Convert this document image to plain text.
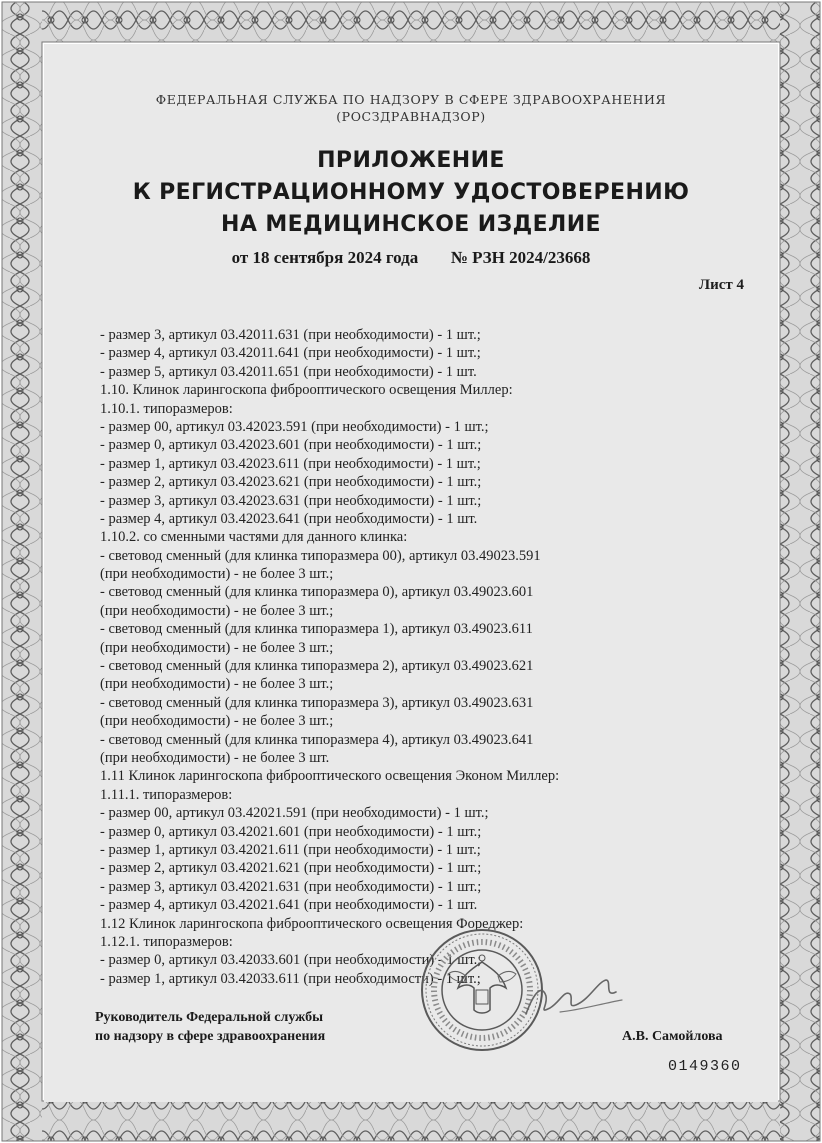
ФЕДЕРАЛЬНАЯ СЛУЖБА ПО НАДЗОРУ В СФЕРЕ ЗДРАВООХРАНЕНИЯ
(РОСЗДРАВНАДЗОР)
ПРИЛОЖЕНИЕ
К РЕГИСТРАЦИОННОМУ УДОСТОВЕРЕНИЮ
НА МЕДИЦИНСКОЕ ИЗДЕЛИЕ
от 18 сентября 2024 года № РЗН 2024/23668
Лист 4
- размер 3, артикул 03.42011.631 (при необходимости) - 1 шт.;
- размер 4, артикул 03.42011.641 (при необходимости) - 1 шт.;
- размер 5, артикул 03.42011.651 (при необходимости) - 1 шт.
1.10. Клинок ларингоскопа фиброоптического освещения Миллер:
1.10.1. типоразмеров:
- размер 00, артикул 03.42023.591 (при необходимости) - 1 шт.;
- размер 0, артикул 03.42023.601 (при необходимости) - 1 шт.;
- размер 1, артикул 03.42023.611 (при необходимости) - 1 шт.;
- размер 2, артикул 03.42023.621 (при необходимости) - 1 шт.;
- размер 3, артикул 03.42023.631 (при необходимости) - 1 шт.;
- размер 4, артикул 03.42023.641 (при необходимости) - 1 шт.
1.10.2. со сменными частями для данного клинка:
- световод сменный (для клинка типоразмера 00), артикул 03.49023.591
(при необходимости) - не более 3 шт.;
- световод сменный (для клинка типоразмера 0), артикул 03.49023.601
(при необходимости) - не более 3 шт.;
- световод сменный (для клинка типоразмера 1), артикул 03.49023.611
(при необходимости) - не более 3 шт.;
- световод сменный (для клинка типоразмера 2), артикул 03.49023.621
(при необходимости) - не более 3 шт.;
- световод сменный (для клинка типоразмера 3), артикул 03.49023.631
(при необходимости) - не более 3 шт.;
- световод сменный (для клинка типоразмера 4), артикул 03.49023.641
(при необходимости) - не более 3 шт.
1.11 Клинок ларингоскопа фиброоптического освещения Эконом Миллер:
1.11.1. типоразмеров:
- размер 00, артикул 03.42021.591 (при необходимости) - 1 шт.;
- размер 0, артикул 03.42021.601 (при необходимости) - 1 шт.;
- размер 1, артикул 03.42021.611 (при необходимости) - 1 шт.;
- размер 2, артикул 03.42021.621 (при необходимости) - 1 шт.;
- размер 3, артикул 03.42021.631 (при необходимости) - 1 шт.;
- размер 4, артикул 03.42021.641 (при необходимости) - 1 шт.
1.12 Клинок ларингоскопа фиброоптического освещения Фореджер:
1.12.1. типоразмеров:
- размер 0, артикул 03.42033.601 (при необходимости) - 1 шт.;
- размер 1, артикул 03.42033.611 (при необходимости) - 1 шт.;
Руководитель Федеральной службы
по надзору в сфере здравоохранения	А.В. Самойлова
0149360
